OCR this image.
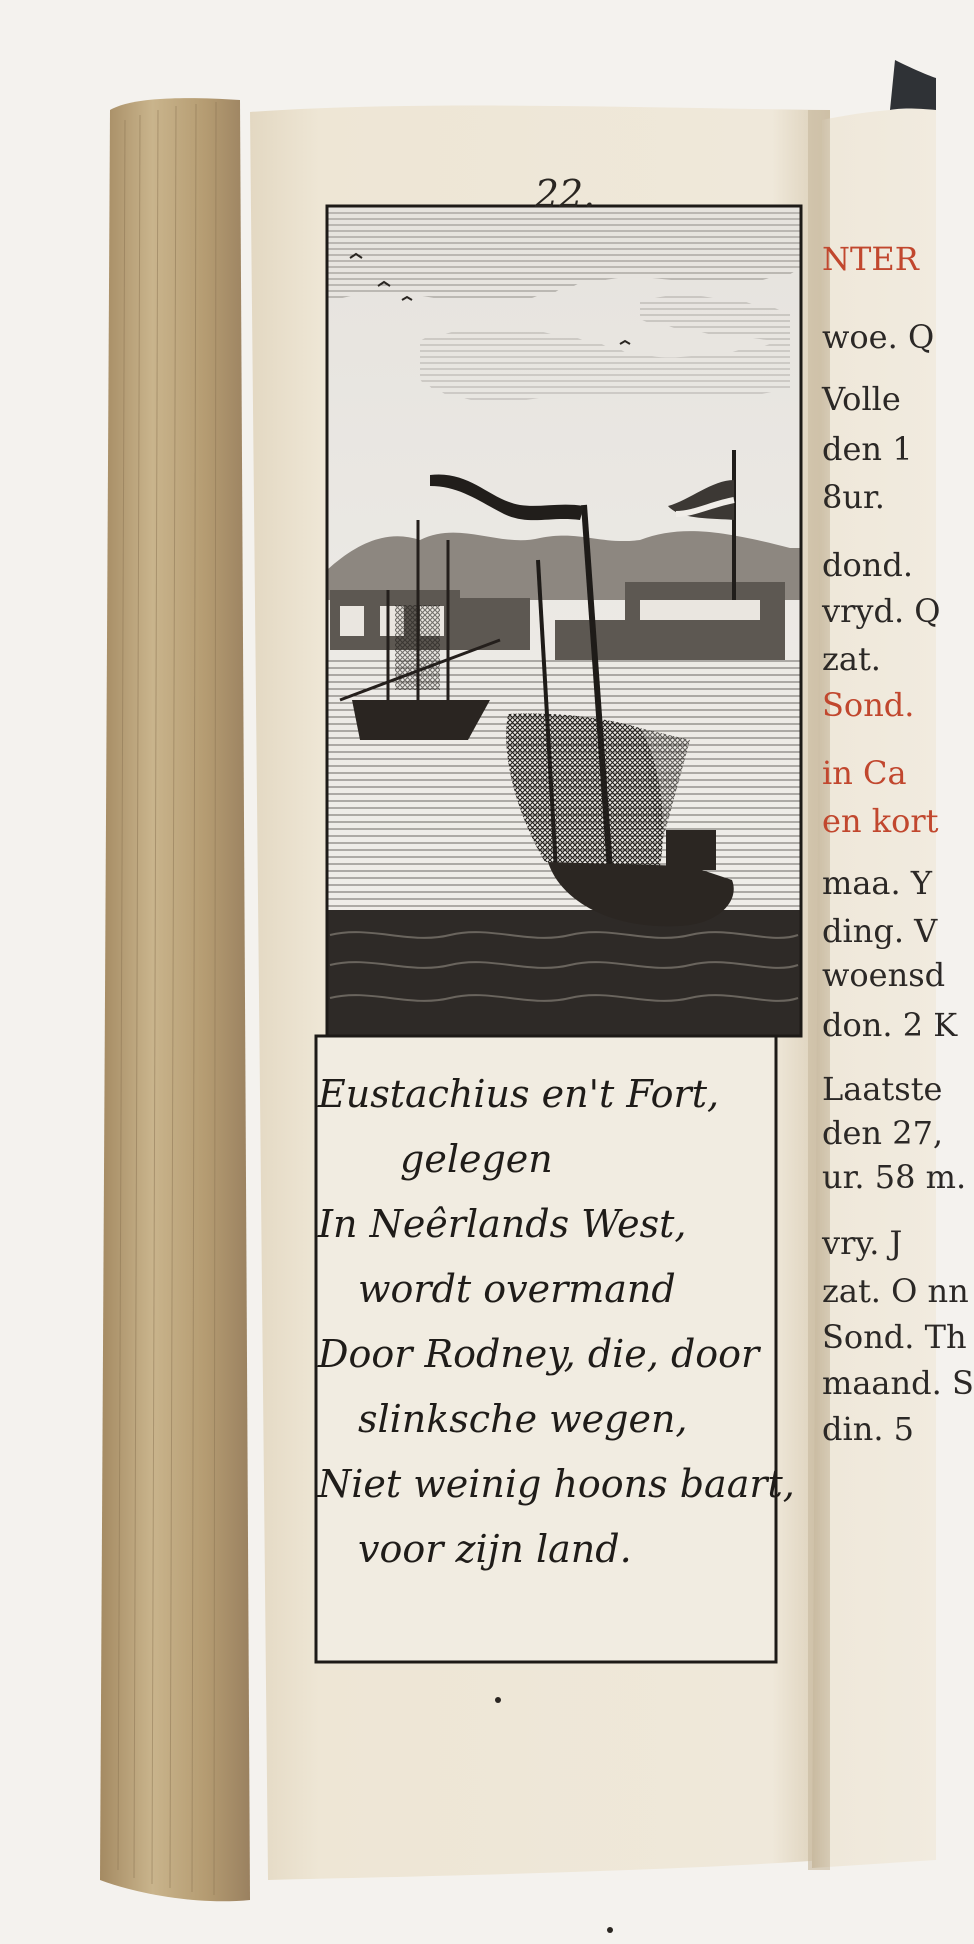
22.
Eustachius en't Fort,
gelegen
In Neêrlands West,
wordt overmand
Door Rodney, die, door
slinksche wegen,
Niet weinig hoons baart,
voor zijn land.
NTER
woe. Q
Volle
den 1
8ur.
dond.
vryd. Q
zat.
Sond.
in Ca
en kort
maa. Y
ding. V
woensd
don. 2 K
Laatste
den 27,
ur. 58 m.
vry. J
zat. O nn
Sond. Th
maand. S
din. 5
